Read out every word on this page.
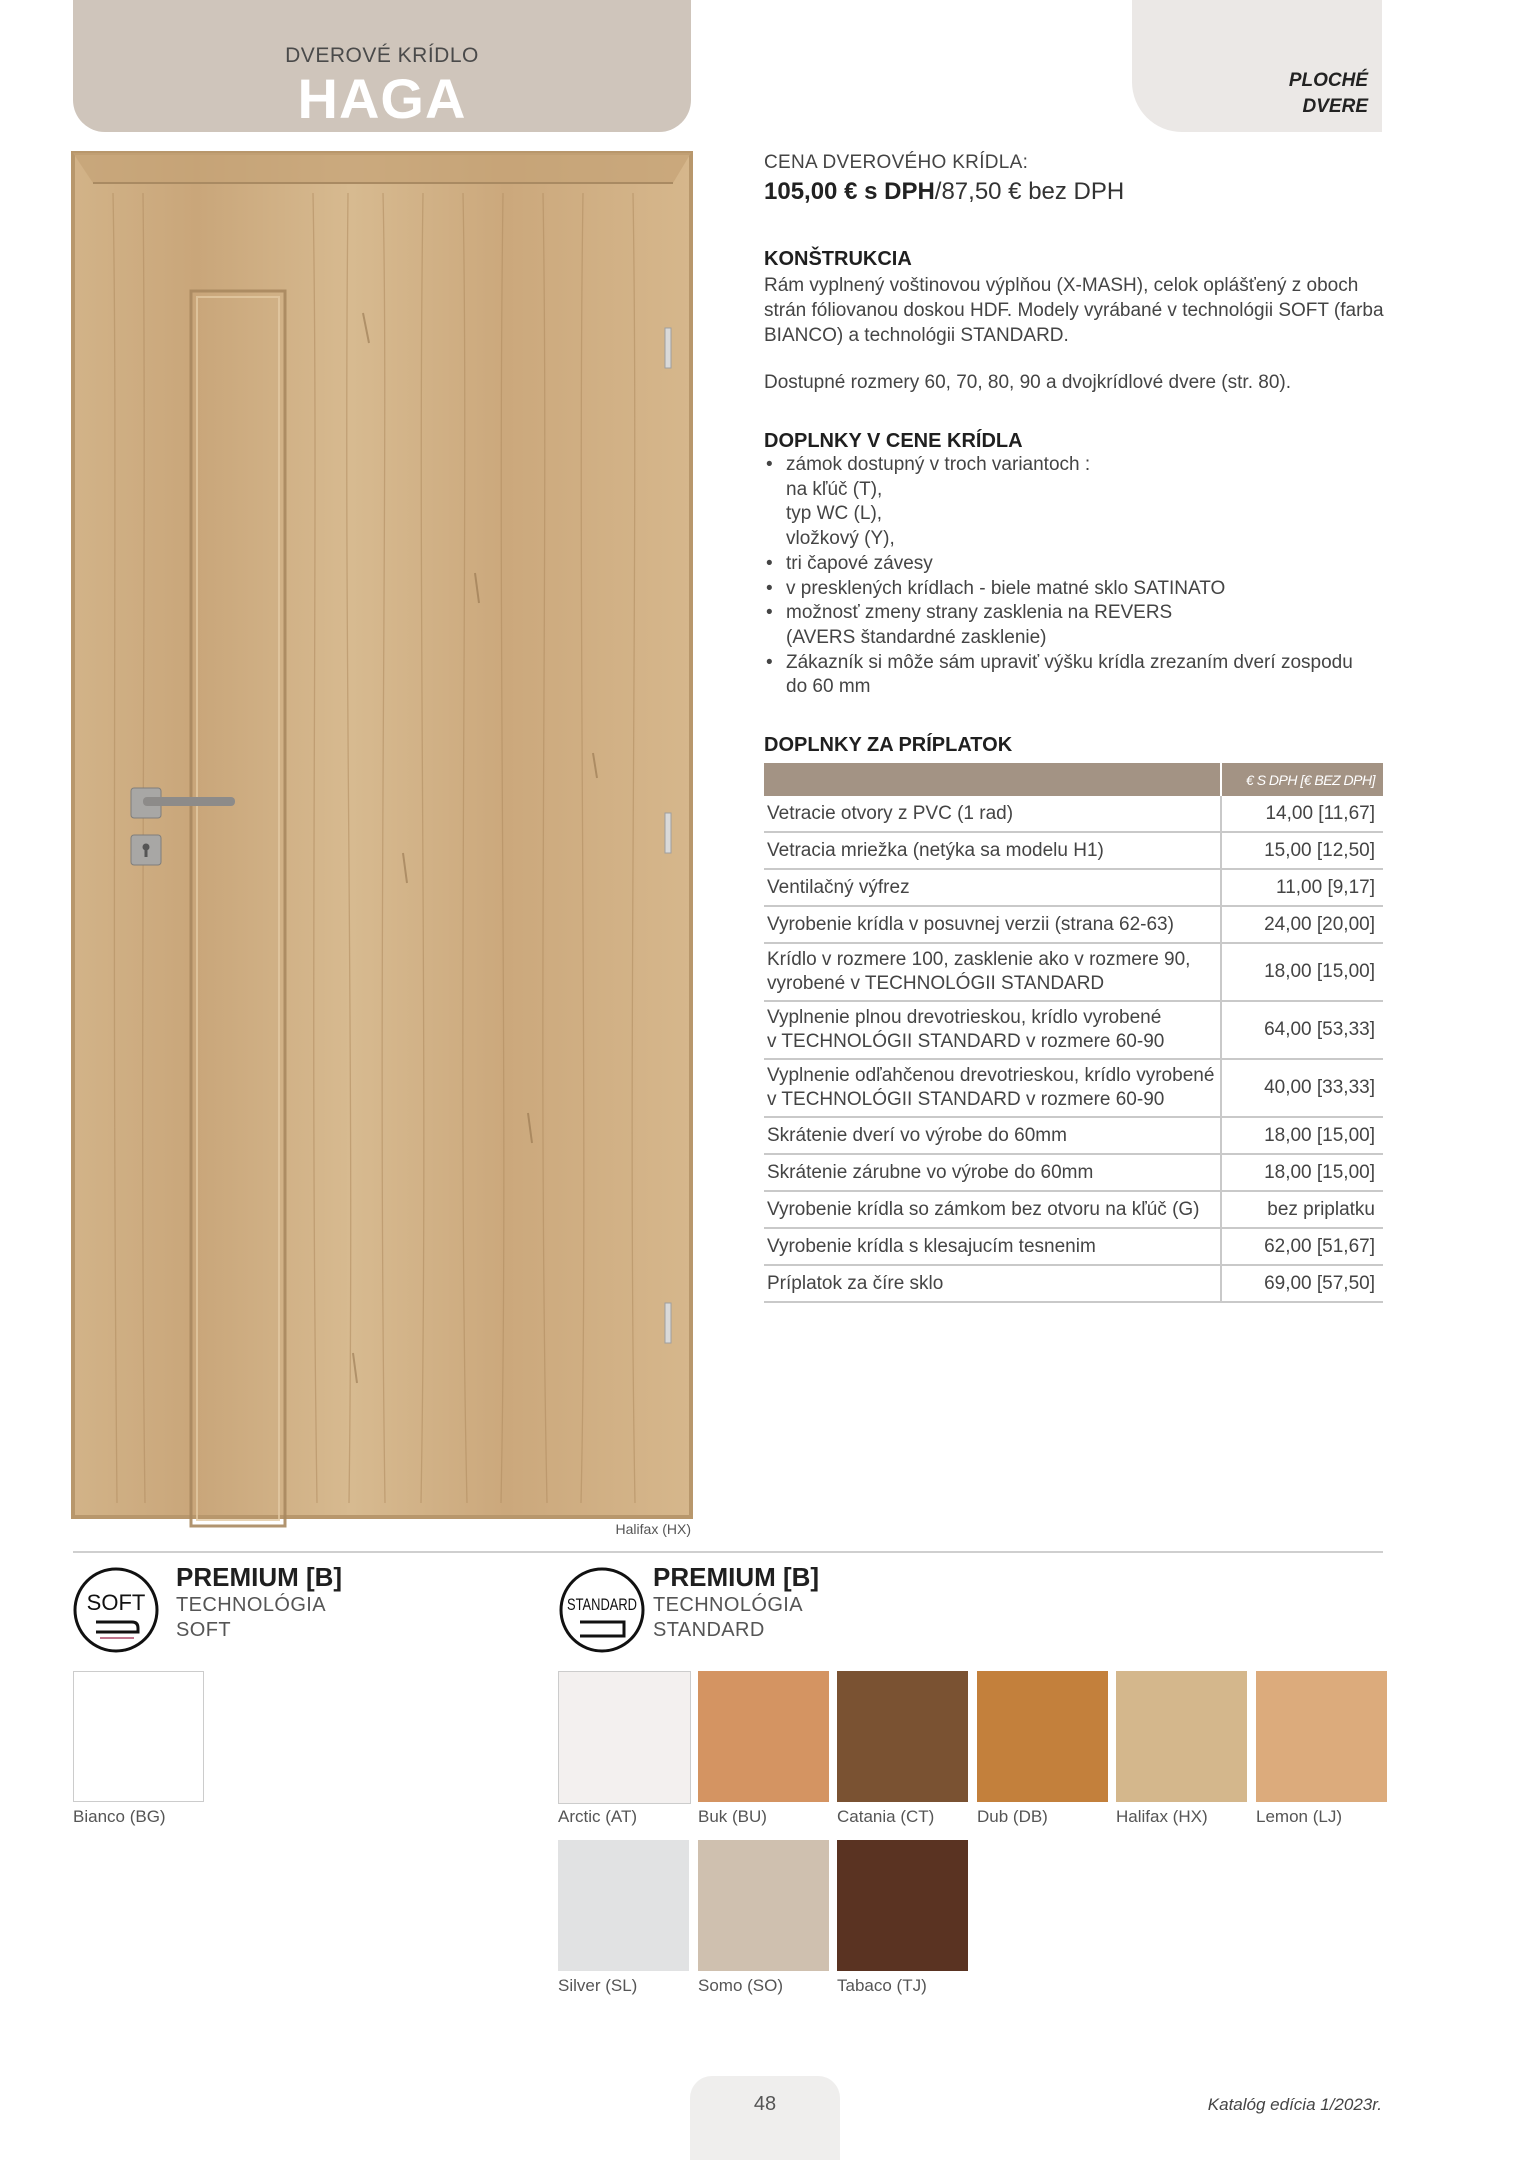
DVEROVÉ KRÍDLO
HAGA	PLOCHÉ
DVERE
Halifax (HX)
CENA DVEROVÉHO KRÍDLA:
105,00 € s DPH/87,50 € bez DPH
KONŠTRUKCIA
Rám vyplnený voštinovou výplňou (X-MASH), celok oplášťený z oboch strán fóliovanou doskou HDF. Modely vyrábané v technológii SOFT (farba BIANCO) a technológii STANDARD.
Dostupné rozmery 60, 70, 80, 90 a dvojkrídlové dvere (str. 80).
DOPLNKY V CENE KRÍDLA
• zámok dostupný v troch variantoch :
na kľúč (T),
typ WC (L),
vložkový (Y),
• tri čapové závesy
• v presklených krídlach - biele matné sklo SATINATO
• možnosť zmeny strany zasklenia na REVERS
(AVERS štandardné zasklenie)
• Zákazník si môže sám upraviť výšku krídla zrezaním dverí zospodu
do 60 mm
DOPLNKY ZA PRÍPLATOK
	€ S DPH [€ BEZ DPH]

Vetracie otvory z PVC (1 rad)	14,00 [11,67]

Vetracia mriežka (netýka sa modelu H1)	15,00 [12,50]

Ventilačný výfrez	11,00 [9,17]

Vyrobenie krídla v posuvnej verzii (strana 62-63)	24,00 [20,00]

Krídlo v rozmere 100, zasklenie ako v rozmere 90,
vyrobené v TECHNOLÓGII STANDARD	18,00 [15,00]

Vyplnenie plnou drevotrieskou, krídlo vyrobené
v TECHNOLÓGII STANDARD v rozmere 60-90	64,00 [53,33]

Vyplnenie odľahčenou drevotrieskou, krídlo vyrobené
v TECHNOLÓGII STANDARD v rozmere 60-90	40,00 [33,33]

Skrátenie dverí vo výrobe do 60mm	18,00 [15,00]

Skrátenie zárubne vo výrobe do 60mm	18,00 [15,00]

Vyrobenie krídla so zámkom bez otvoru na kľúč (G)	bez priplatku

Vyrobenie krídla s klesajucím tesnenim	62,00 [51,67]

Príplatok za číre sklo	69,00 [57,50]
SOFT
PREMIUM [B]
TECHNOLÓGIA
SOFT
STANDARD
PREMIUM [B]
TECHNOLÓGIA
STANDARD
Bianco (BG)	Arctic (AT)	Buk (BU)	Catania (CT)	Dub (DB)	Halifax (HX)	Lemon (LJ)
Silver (SL)	Somo (SO)	Tabaco (TJ)
48	Katalóg edícia 1/2023r.
